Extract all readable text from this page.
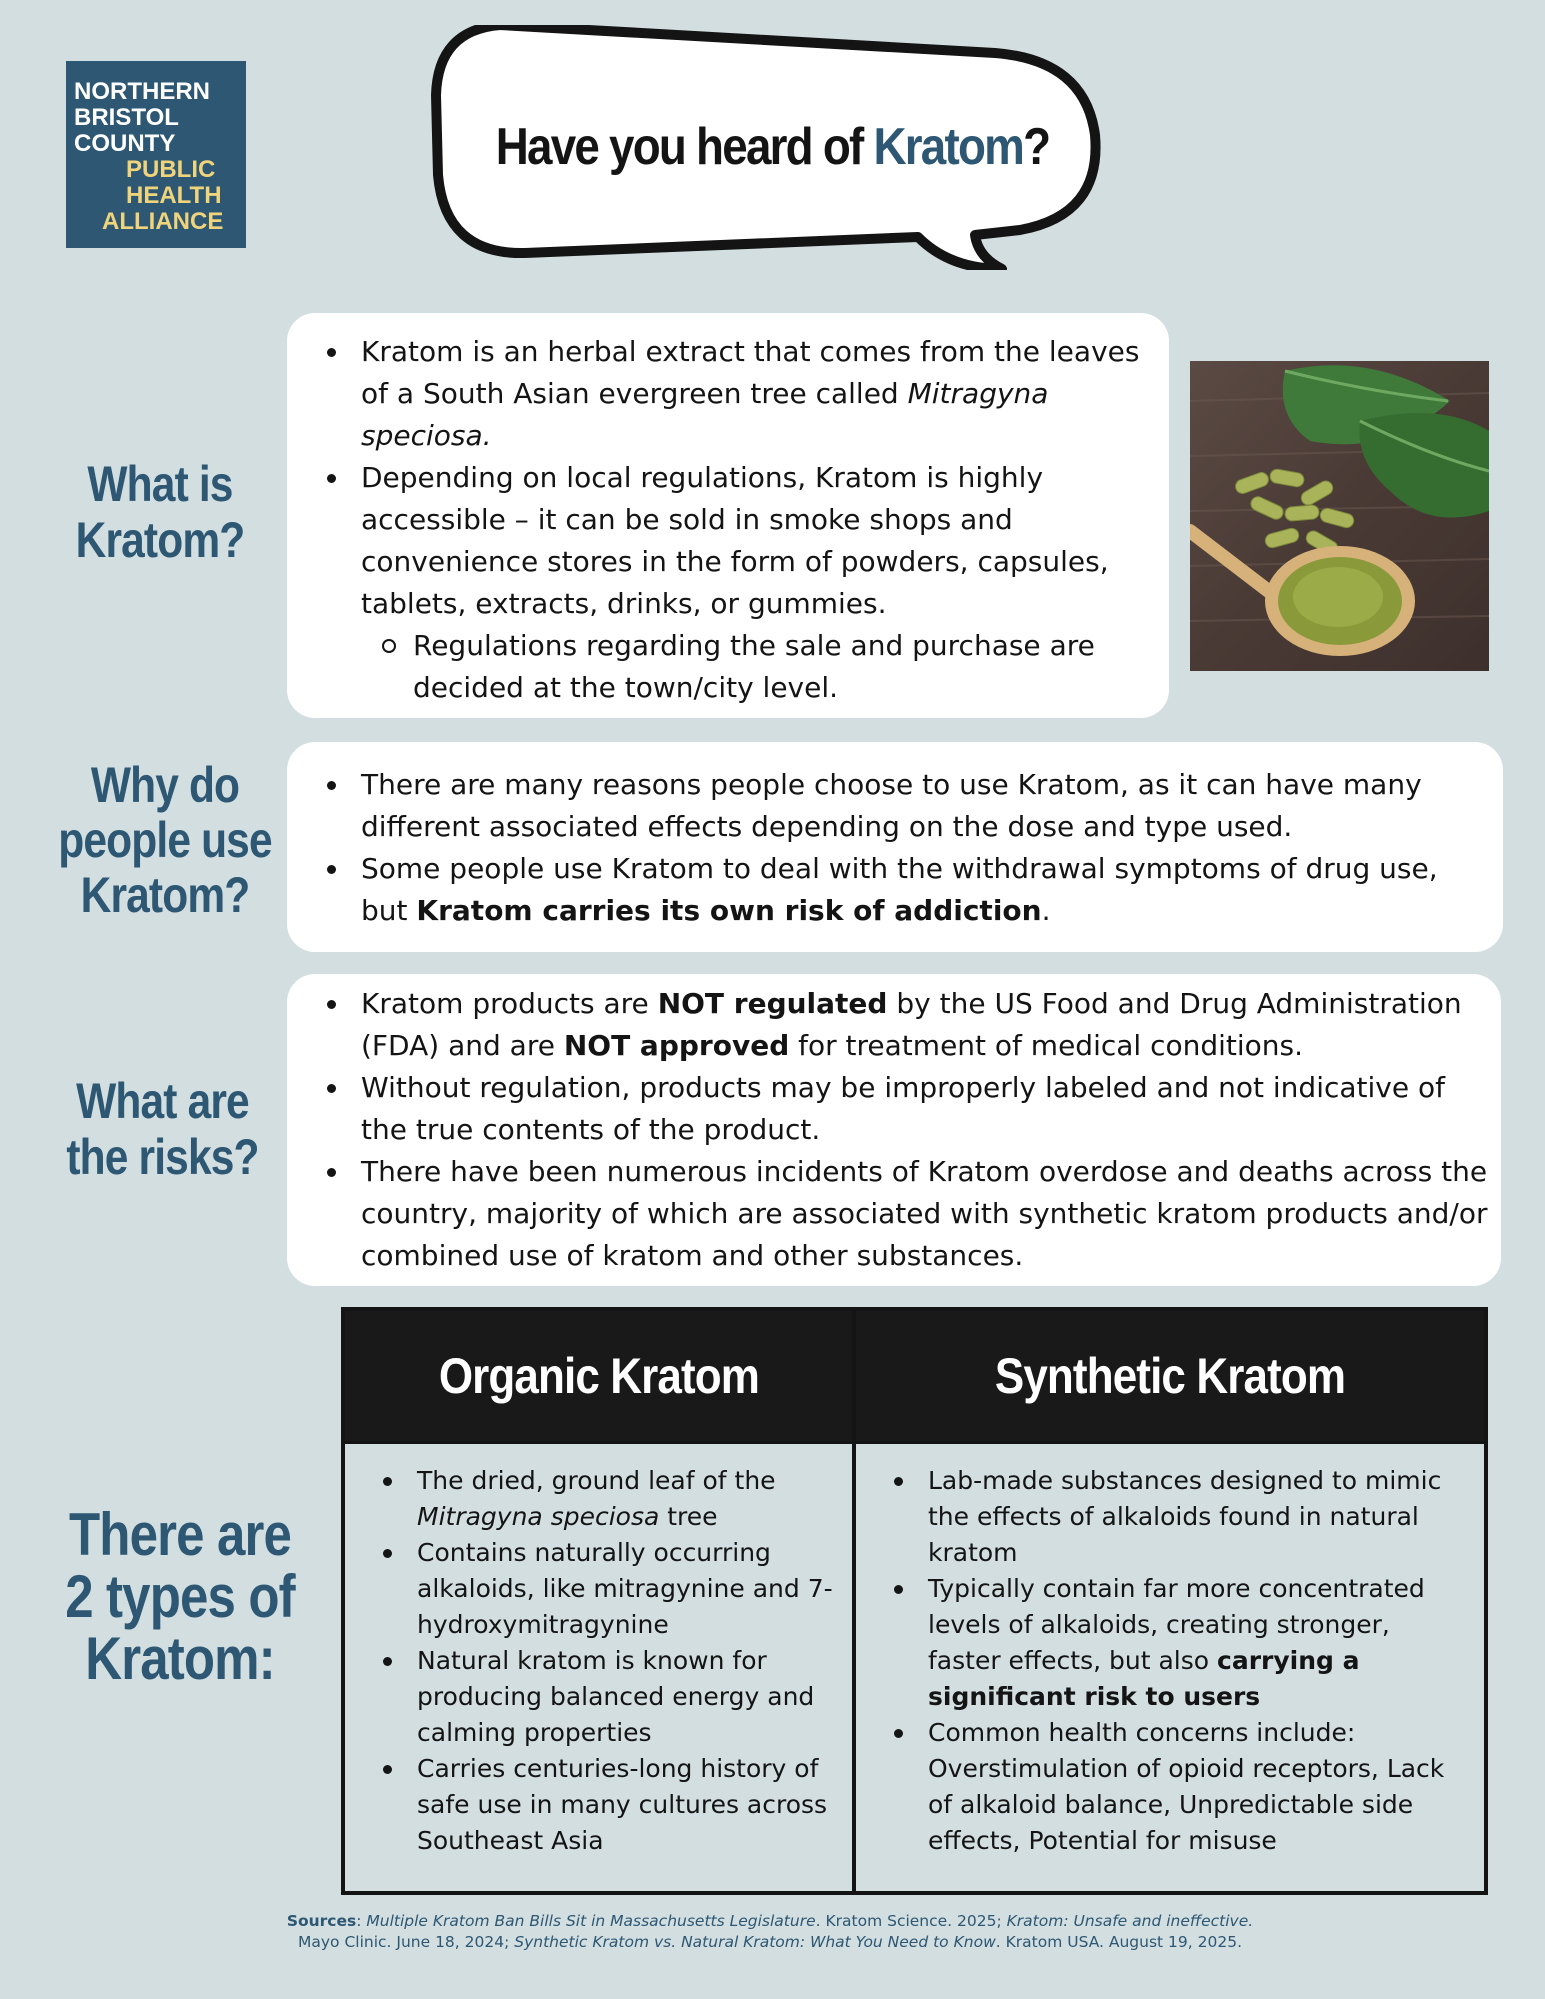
NORTHERN
BRISTOL
COUNTY
PUBLIC
HEALTH
ALLIANCE
Have you heard of Kratom?
What is
Kratom?
Kratom is an herbal extract that comes from the leaves of a South Asian evergreen tree called Mitragyna speciosa.
Depending on local regulations, Kratom is highly accessible – it can be sold in smoke shops and convenience stores in the form of powders, capsules, tablets, extracts, drinks, or gummies.
Regulations regarding the sale and purchase are decided at the town/city level.
Why do
people use
Kratom?
There are many reasons people choose to use Kratom, as it can have many different associated effects depending on the dose and type used.
Some people use Kratom to deal with the withdrawal symptoms of drug use, but Kratom carries its own risk of addiction.
What are
the risks?
Kratom products are NOT regulated by the US Food and Drug Administration (FDA) and are NOT approved for treatment of medical conditions.
Without regulation, products may be improperly labeled and not indicative of the true contents of the product.
There have been numerous incidents of Kratom overdose and deaths across the country, majority of which are associated with synthetic kratom products and/or combined use of kratom and other substances.
There are
2 types of
Kratom:
Organic Kratom	Synthetic Kratom
The dried, ground leaf of the Mitragyna speciosa tree
Contains naturally occurring alkaloids, like mitragynine and 7-hydroxymitragynine
Natural kratom is known for producing balanced energy and calming properties
Carries centuries-long history of safe use in many cultures across Southeast Asia
Lab-made substances designed to mimic the effects of alkaloids found in natural kratom
Typically contain far more concentrated levels of alkaloids, creating stronger, faster effects, but also carrying a significant risk to users
Common health concerns include: Overstimulation of opioid receptors, Lack of alkaloid balance, Unpredictable side effects, Potential for misuse
Sources: Multiple Kratom Ban Bills Sit in Massachusetts Legislature. Kratom Science. 2025; Kratom: Unsafe and ineffective.
Mayo Clinic. June 18, 2024; Synthetic Kratom vs. Natural Kratom: What You Need to Know. Kratom USA. August 19, 2025.
